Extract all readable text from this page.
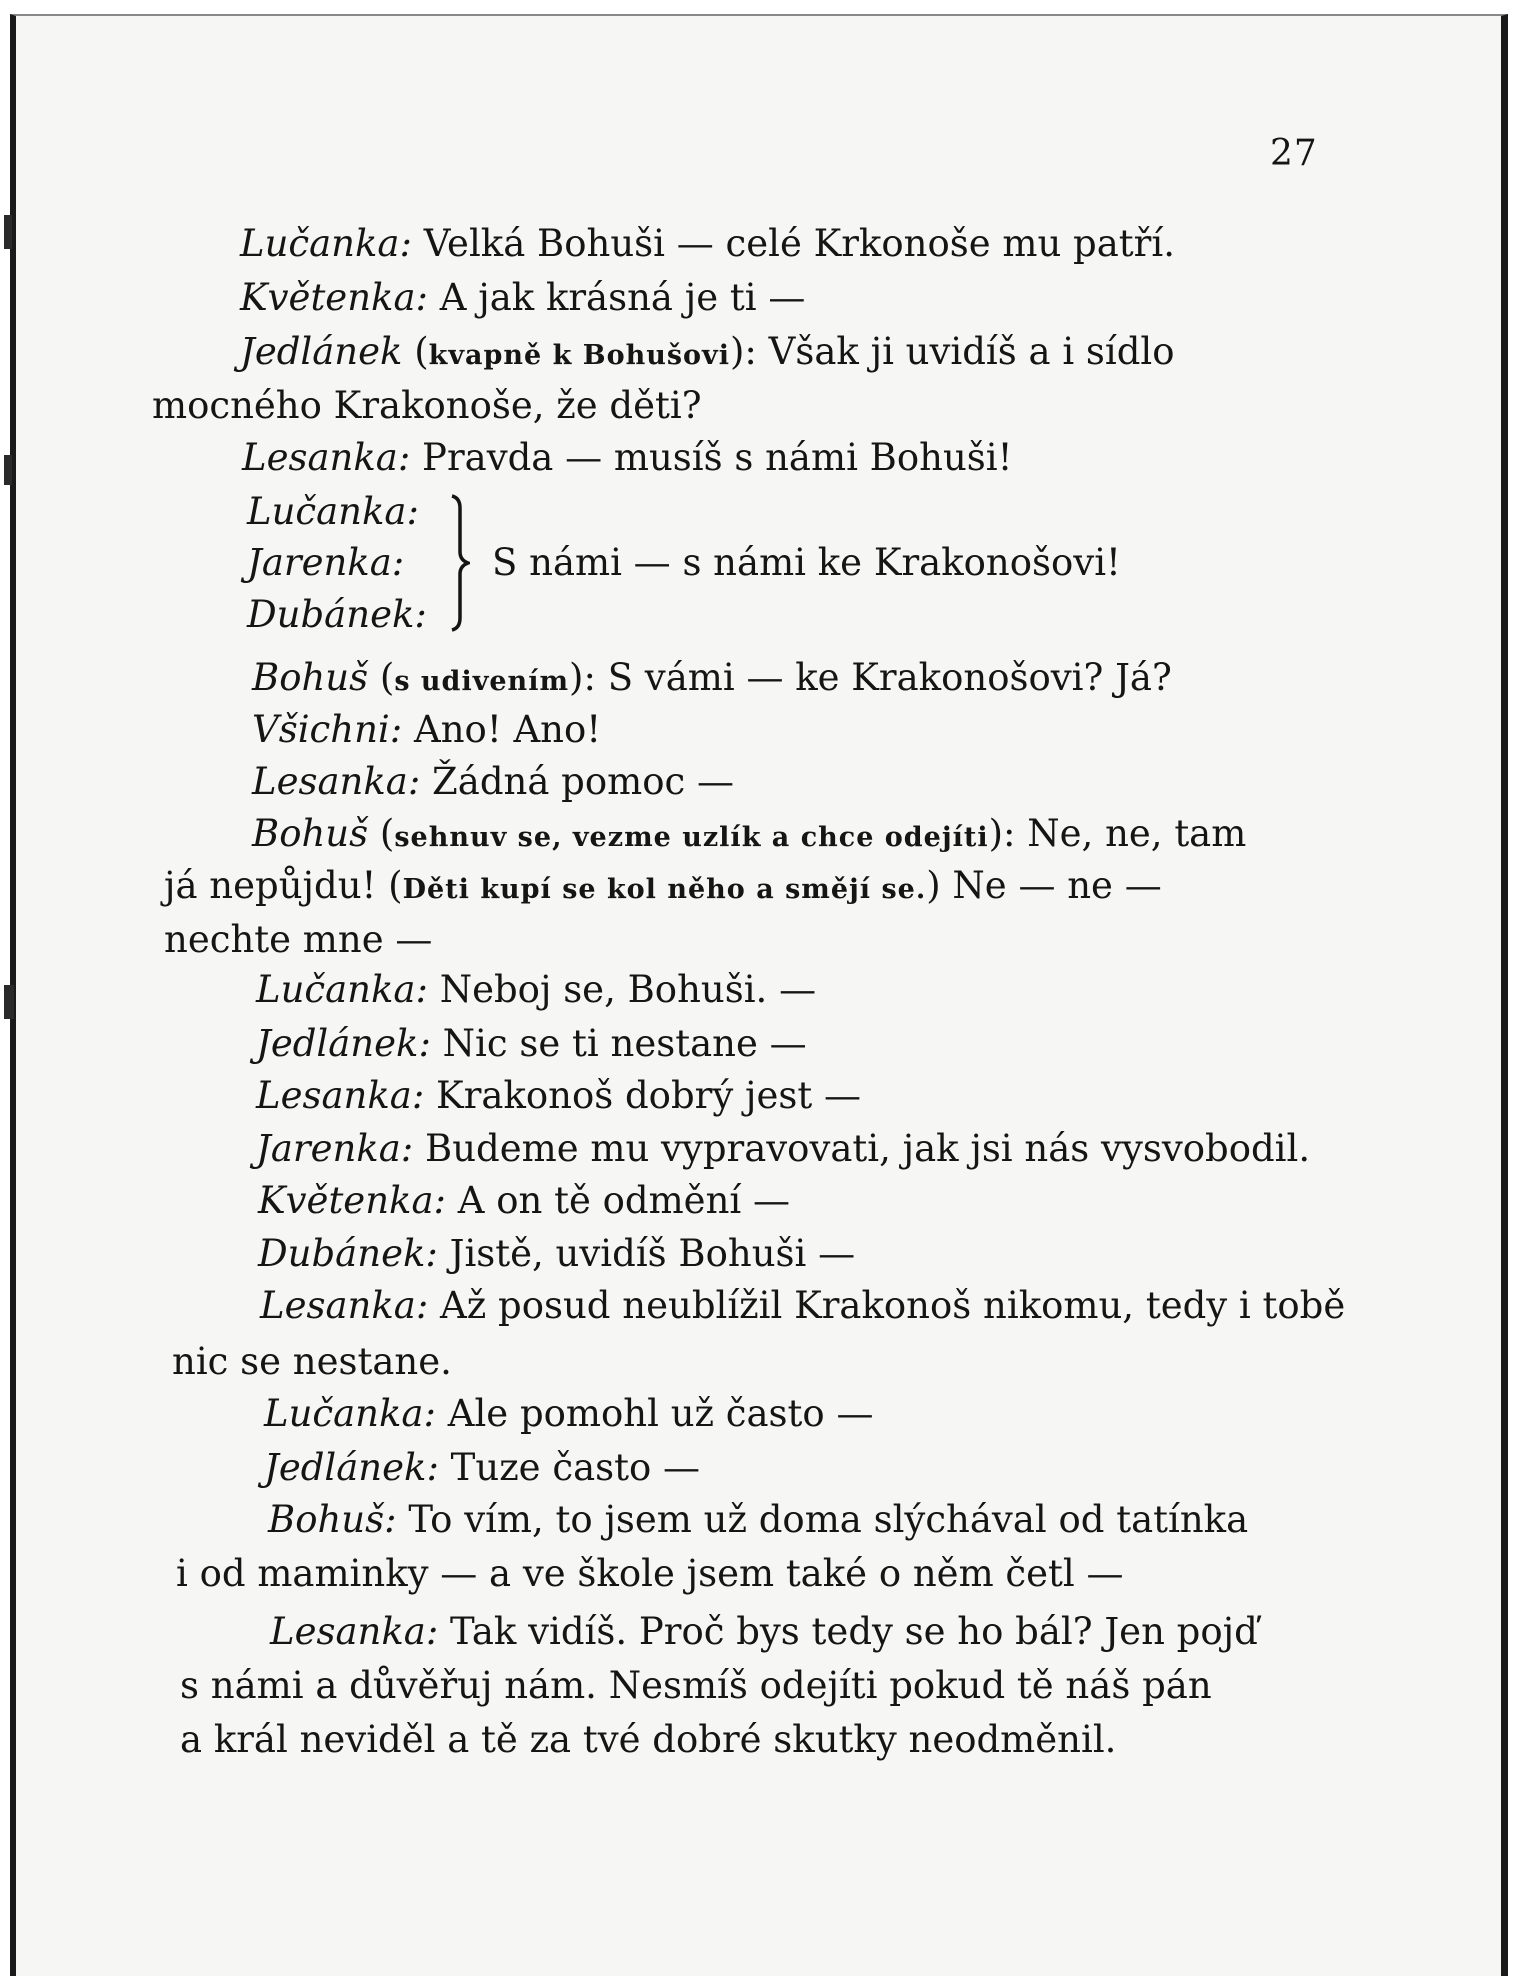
27
Lučanka: Velká Bohuši — celé Krkonoše mu patří.
Květenka: A jak krásná je ti —
Jedlánek (kvapně k Bohušovi): Však ji uvidíš a i sídlo
mocného Krakonoše, že děti?
Lesanka: Pravda — musíš s námi Bohuši!
Lučanka:
Jarenka:
Dubánek:
S námi — s námi ke Krakonošovi!
Bohuš (s udivením): S vámi — ke Krakonošovi? Já?
Všichni: Ano! Ano!
Lesanka: Žádná pomoc —
Bohuš (sehnuv se, vezme uzlík a chce odejíti): Ne, ne, tam
já nepůjdu! (Děti kupí se kol něho a smějí se.) Ne — ne —
nechte mne —
Lučanka: Neboj se, Bohuši. —
Jedlánek: Nic se ti nestane —
Lesanka: Krakonoš dobrý jest —
Jarenka: Budeme mu vypravovati, jak jsi nás vysvobodil.
Květenka: A on tě odmění —
Dubánek: Jistě, uvidíš Bohuši —
Lesanka: Až posud neublížil Krakonoš nikomu, tedy i tobě
nic se nestane.
Lučanka: Ale pomohl už často —
Jedlánek: Tuze často —
Bohuš: To vím, to jsem už doma slýchával od tatínka
i od maminky — a ve škole jsem také o něm četl —
Lesanka: Tak vidíš. Proč bys tedy se ho bál? Jen pojď
s námi a důvěřuj nám. Nesmíš odejíti pokud tě náš pán
a král neviděl a tě za tvé dobré skutky neodměnil.
